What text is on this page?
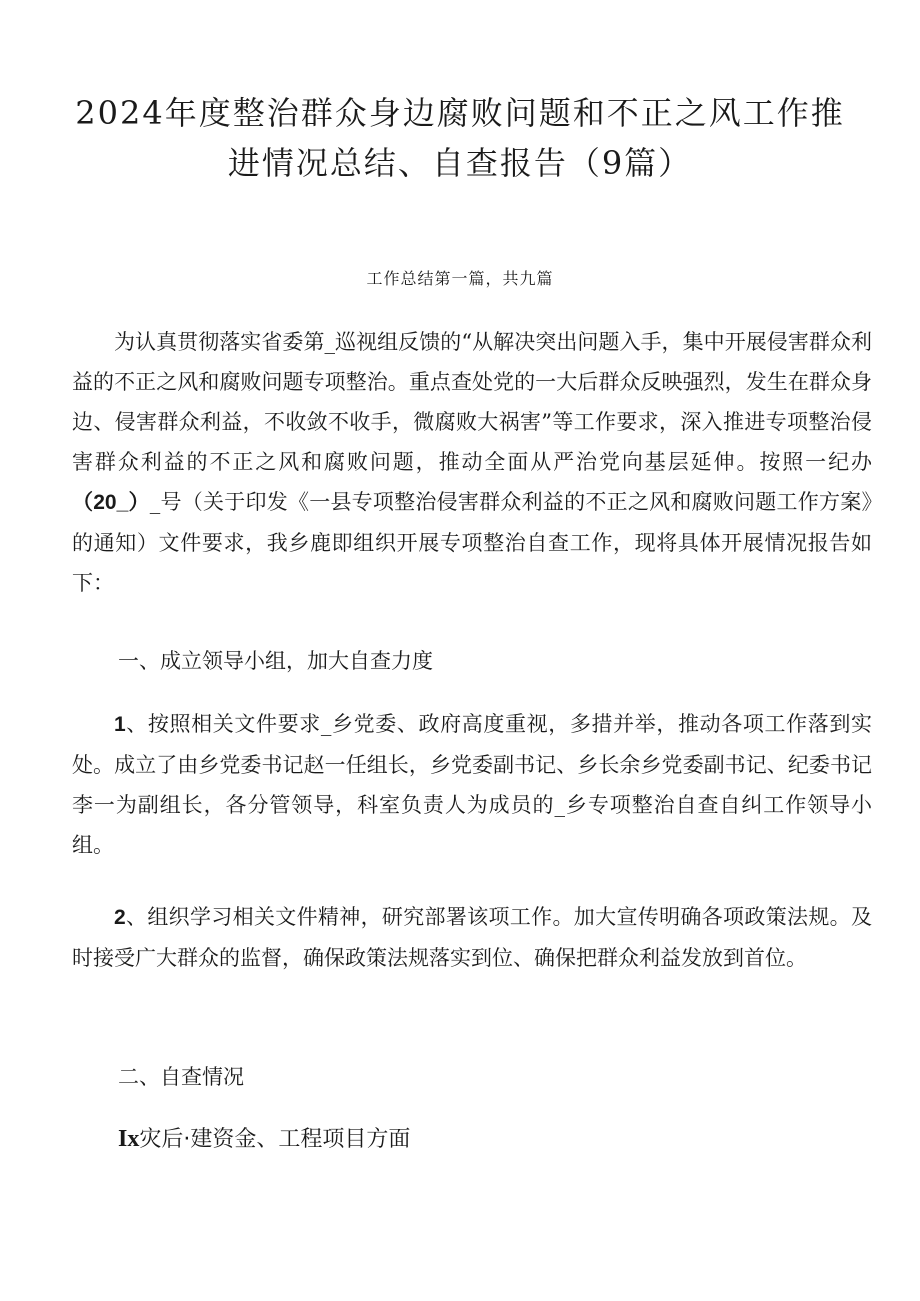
2024年度整治群众身边腐败问题和不正之风工作推进情况总结、自查报告（9篇）
工作总结第一篇，共九篇
为认真贯彻落实省委第_巡视组反馈的“从解决突出问题入手，集中开展侵害群众利益的不正之风和腐败问题专项整治。重点查处党的一大后群众反映强烈，发生在群众身边、侵害群众利益，不收敛不收手，微腐败大祸害”等工作要求，深入推进专项整治侵害群众利益的不正之风和腐败问题，推动全面从严治党向基层延伸。按照一纪办（20_）_号（关于印发《一县专项整治侵害群众利益的不正之风和腐败问题工作方案》的通知）文件要求，我乡鹿即组织开展专项整治自查工作，现将具体开展情况报告如下：
一、成立领导小组，加大自查力度
1、按照相关文件要求_乡党委、政府高度重视，多措并举，推动各项工作落到实处。成立了由乡党委书记赵一任组长，乡党委副书记、乡长余乡党委副书记、纪委书记李一为副组长，各分管领导，科室负责人为成员的_乡专项整治自查自纠工作领导小组。
2、组织学习相关文件精神，研究部署该项工作。加大宣传明确各项政策法规。及时接受广大群众的监督，确保政策法规落实到位、确保把群众利益发放到首位。
二、自查情况
Ix灾后·建资金、工程项目方面
